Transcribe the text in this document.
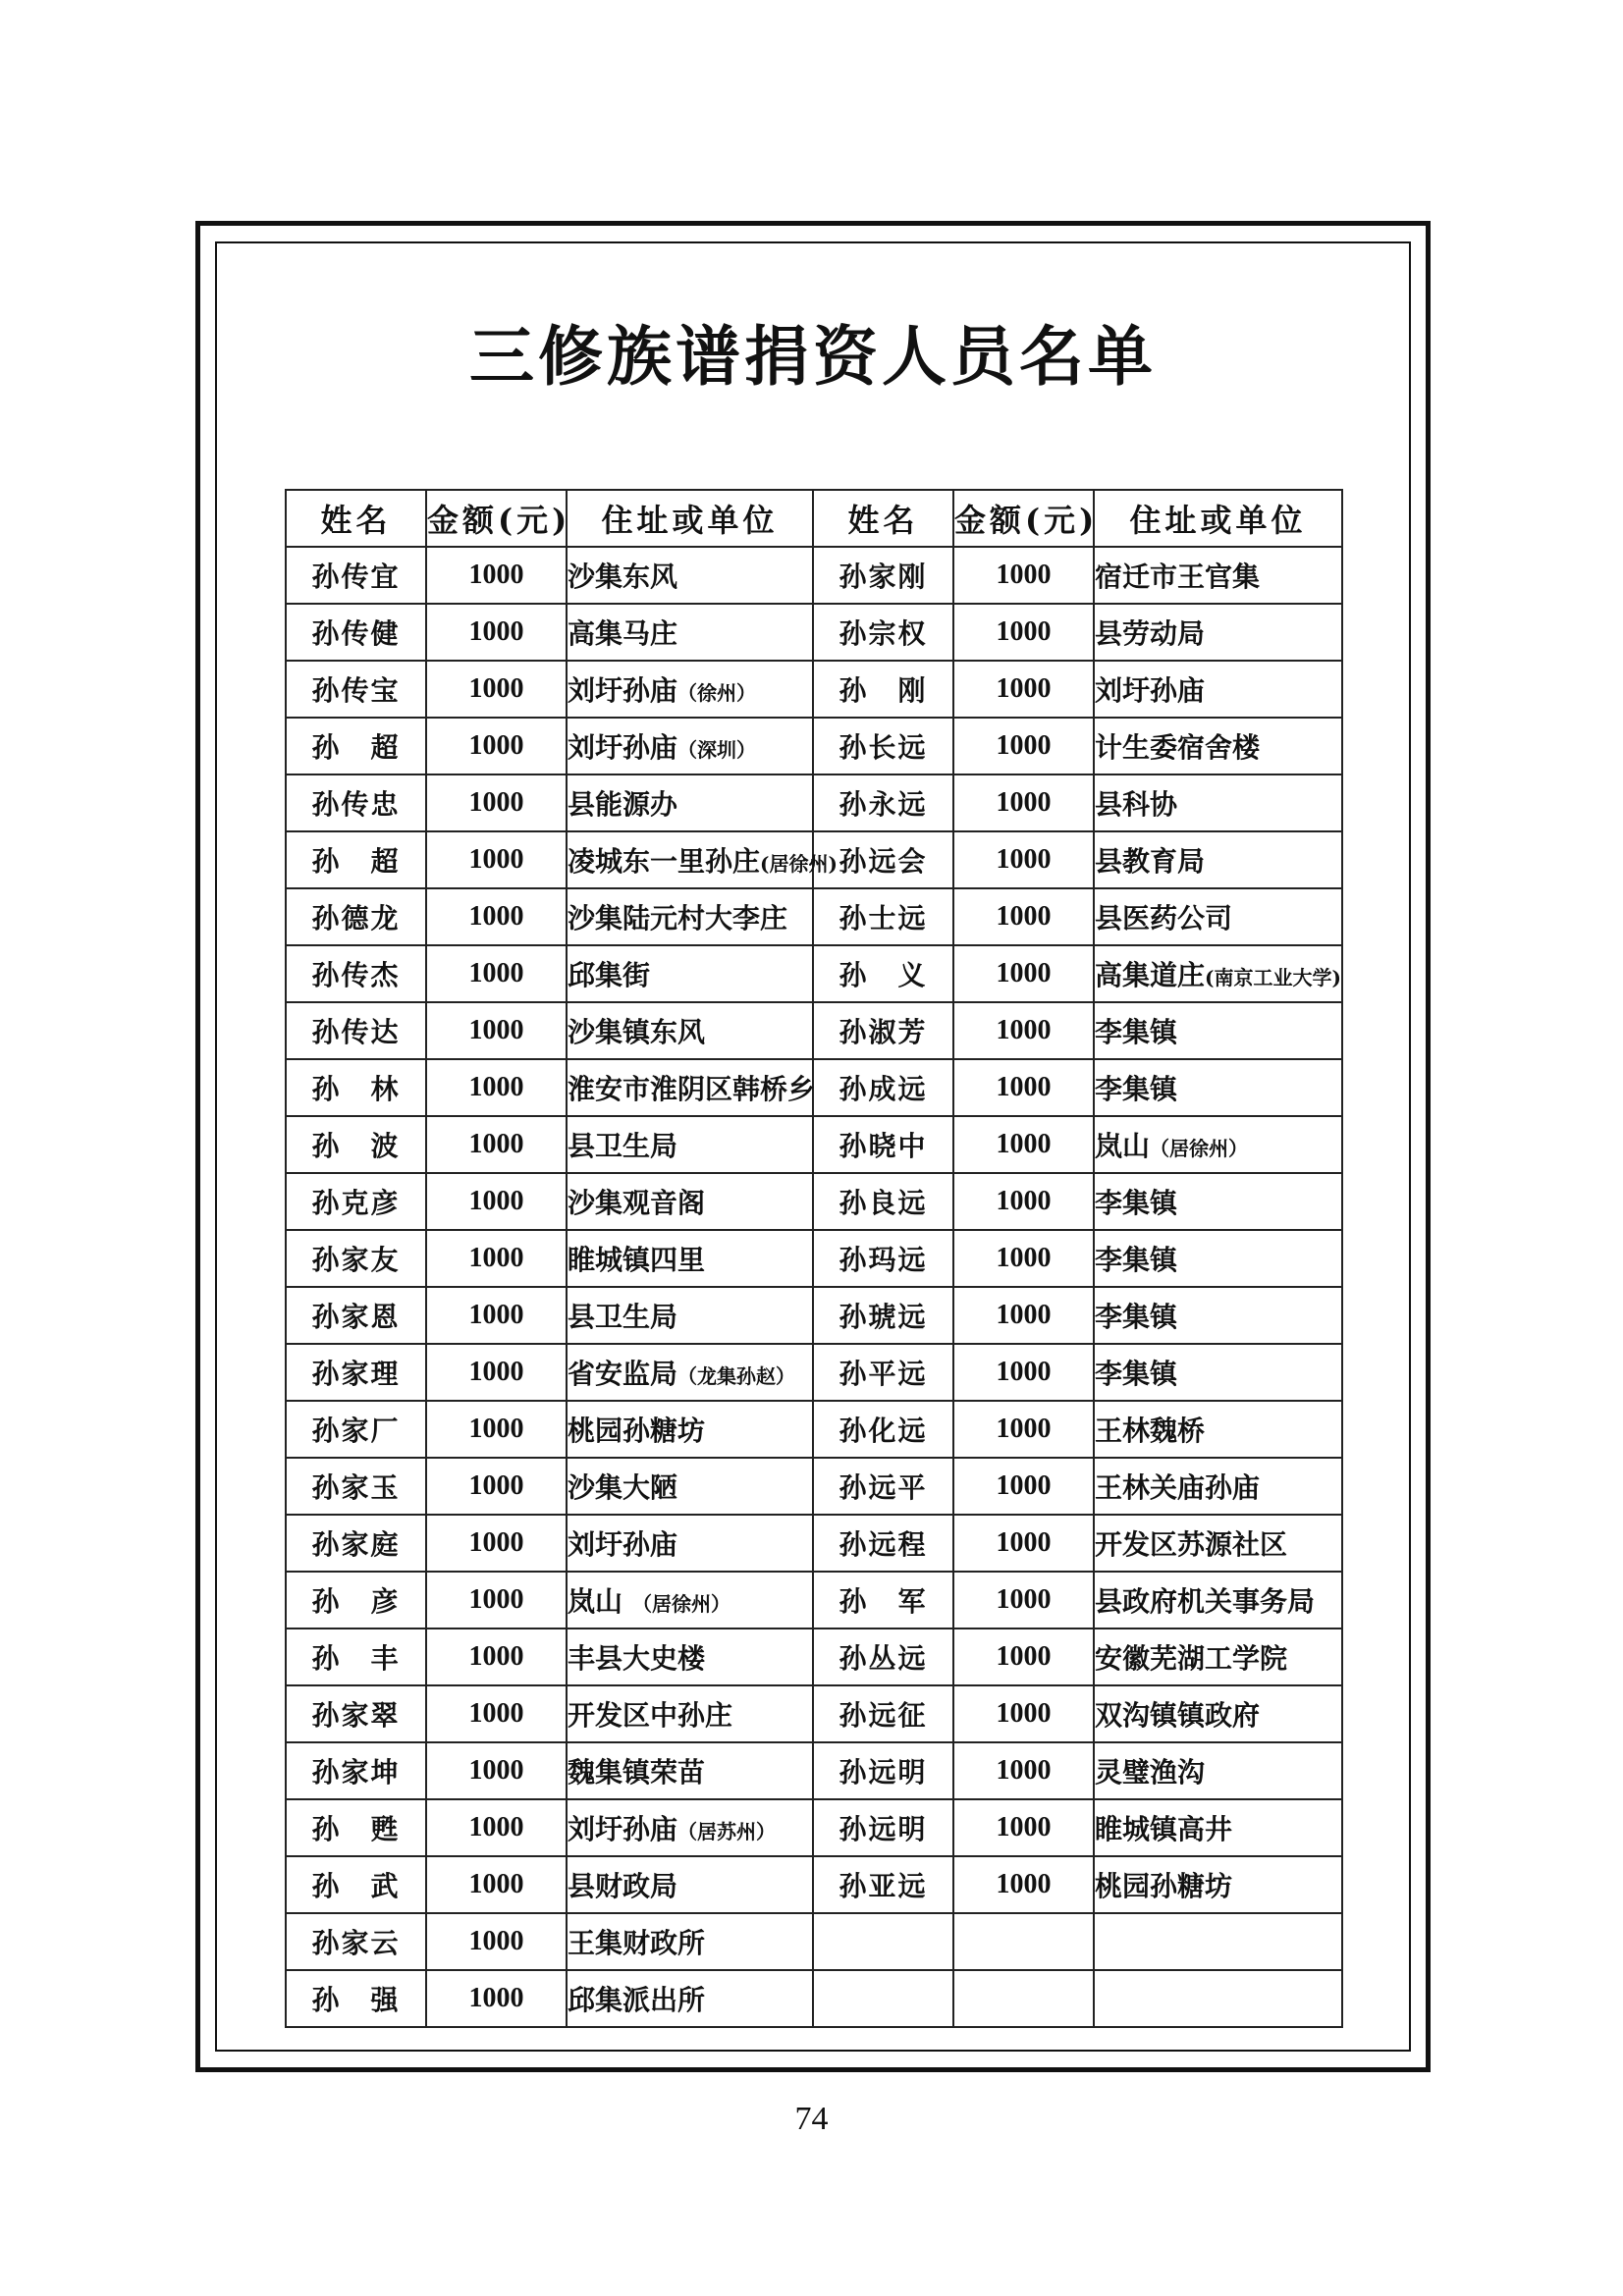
三修族谱捐资人员名单
姓名	金额(元)	住址或单位	姓名	金额(元)	住址或单位
孙传宜	1000	沙集东风	孙家刚	1000	宿迁市王官集
孙传健	1000	高集马庄	孙宗权	1000	县劳动局
孙传宝	1000	刘圩孙庙（徐州）	孙　刚	1000	刘圩孙庙
孙　超	1000	刘圩孙庙（深圳）	孙长远	1000	计生委宿舍楼
孙传忠	1000	县能源办	孙永远	1000	县科协
孙　超	1000	凌城东一里孙庄(居徐州)	孙远会	1000	县教育局
孙德龙	1000	沙集陆元村大李庄	孙士远	1000	县医药公司
孙传杰	1000	邱集街	孙　义	1000	高集道庄(南京工业大学)
孙传达	1000	沙集镇东风	孙淑芳	1000	李集镇
孙　林	1000	淮安市淮阴区韩桥乡	孙成远	1000	李集镇
孙　波	1000	县卫生局	孙晓中	1000	岚山（居徐州）
孙克彦	1000	沙集观音阁	孙良远	1000	李集镇
孙家友	1000	睢城镇四里	孙玛远	1000	李集镇
孙家恩	1000	县卫生局	孙琥远	1000	李集镇
孙家理	1000	省安监局（龙集孙赵）	孙平远	1000	李集镇
孙家厂	1000	桃园孙糖坊	孙化远	1000	王林魏桥
孙家玉	1000	沙集大陋	孙远平	1000	王林关庙孙庙
孙家庭	1000	刘圩孙庙	孙远程	1000	开发区苏源社区
孙　彦	1000	岚山　（居徐州）	孙　军	1000	县政府机关事务局
孙　丰	1000	丰县大史楼	孙丛远	1000	安徽芜湖工学院
孙家翠	1000	开发区中孙庄	孙远征	1000	双沟镇镇政府
孙家坤	1000	魏集镇荣苗	孙远明	1000	灵璧渔沟
孙　甦	1000	刘圩孙庙（居苏州）	孙远明	1000	睢城镇高井
孙　武	1000	县财政局	孙亚远	1000	桃园孙糖坊
孙家云	1000	王集财政所			
孙　强	1000	邱集派出所			
74
